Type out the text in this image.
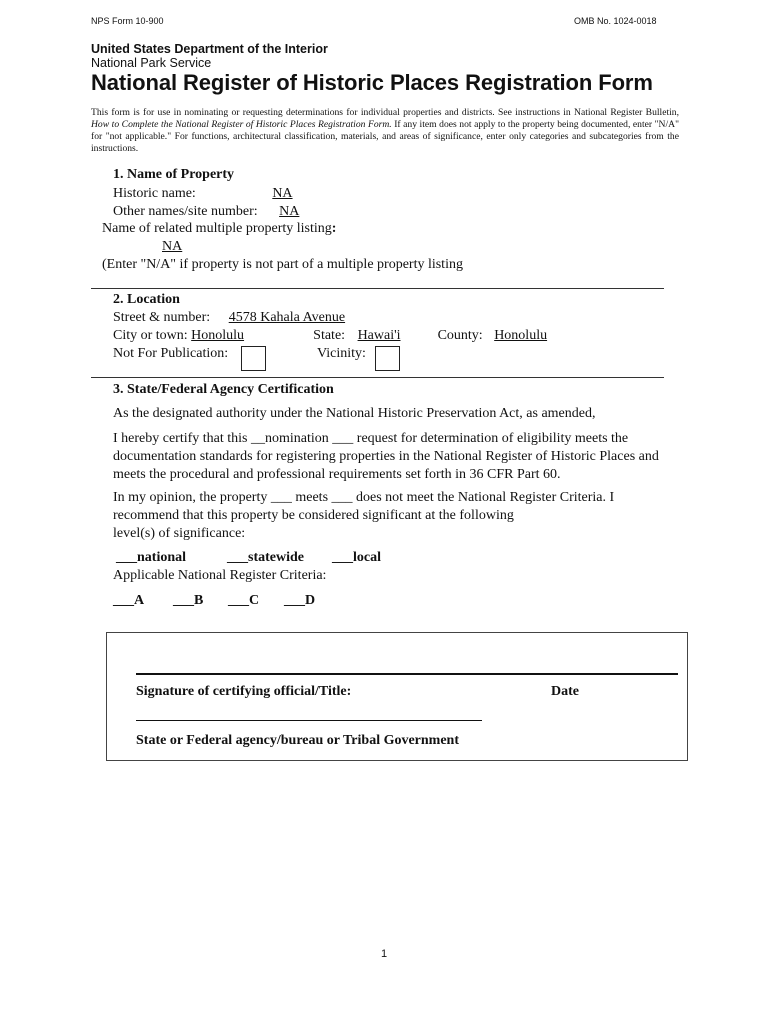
NPS Form 10-900	OMB No. 1024-0018
United States Department of the Interior
National Park Service
National Register of Historic Places Registration Form
This form is for use in nominating or requesting determinations for individual properties and districts. See instructions in National Register Bulletin, How to Complete the National Register of Historic Places Registration Form. If any item does not apply to the property being documented, enter "N/A" for "not applicable." For functions, architectural classification, materials, and areas of significance, enter only categories and subcategories from the instructions.
1. Name of Property
Historic name:	NA
Other names/site number: NA
Name of related multiple property listing:
NA
(Enter "N/A" if property is not part of a multiple property listing
2. Location
Street & number: 4578 Kahala Avenue
City or town: Honolulu	State: Hawai'i	County: Honolulu
Not For Publication:	Vicinity:
3. State/Federal Agency Certification
As the designated authority under the National Historic Preservation Act, as amended,
I hereby certify that this __nomination ___ request for determination of eligibility meets the documentation standards for registering properties in the National Register of Historic Places and meets the procedural and professional requirements set forth in 36 CFR Part 60.
In my opinion, the property ___ meets ___ does not meet the National Register Criteria. I
recommend that this property be considered significant at the following
level(s) of significance:
___national	___statewide ___local
Applicable National Register Criteria:
___A ___B ___C ___D
Signature of certifying official/Title:	Date
State or Federal agency/bureau or Tribal Government
1
